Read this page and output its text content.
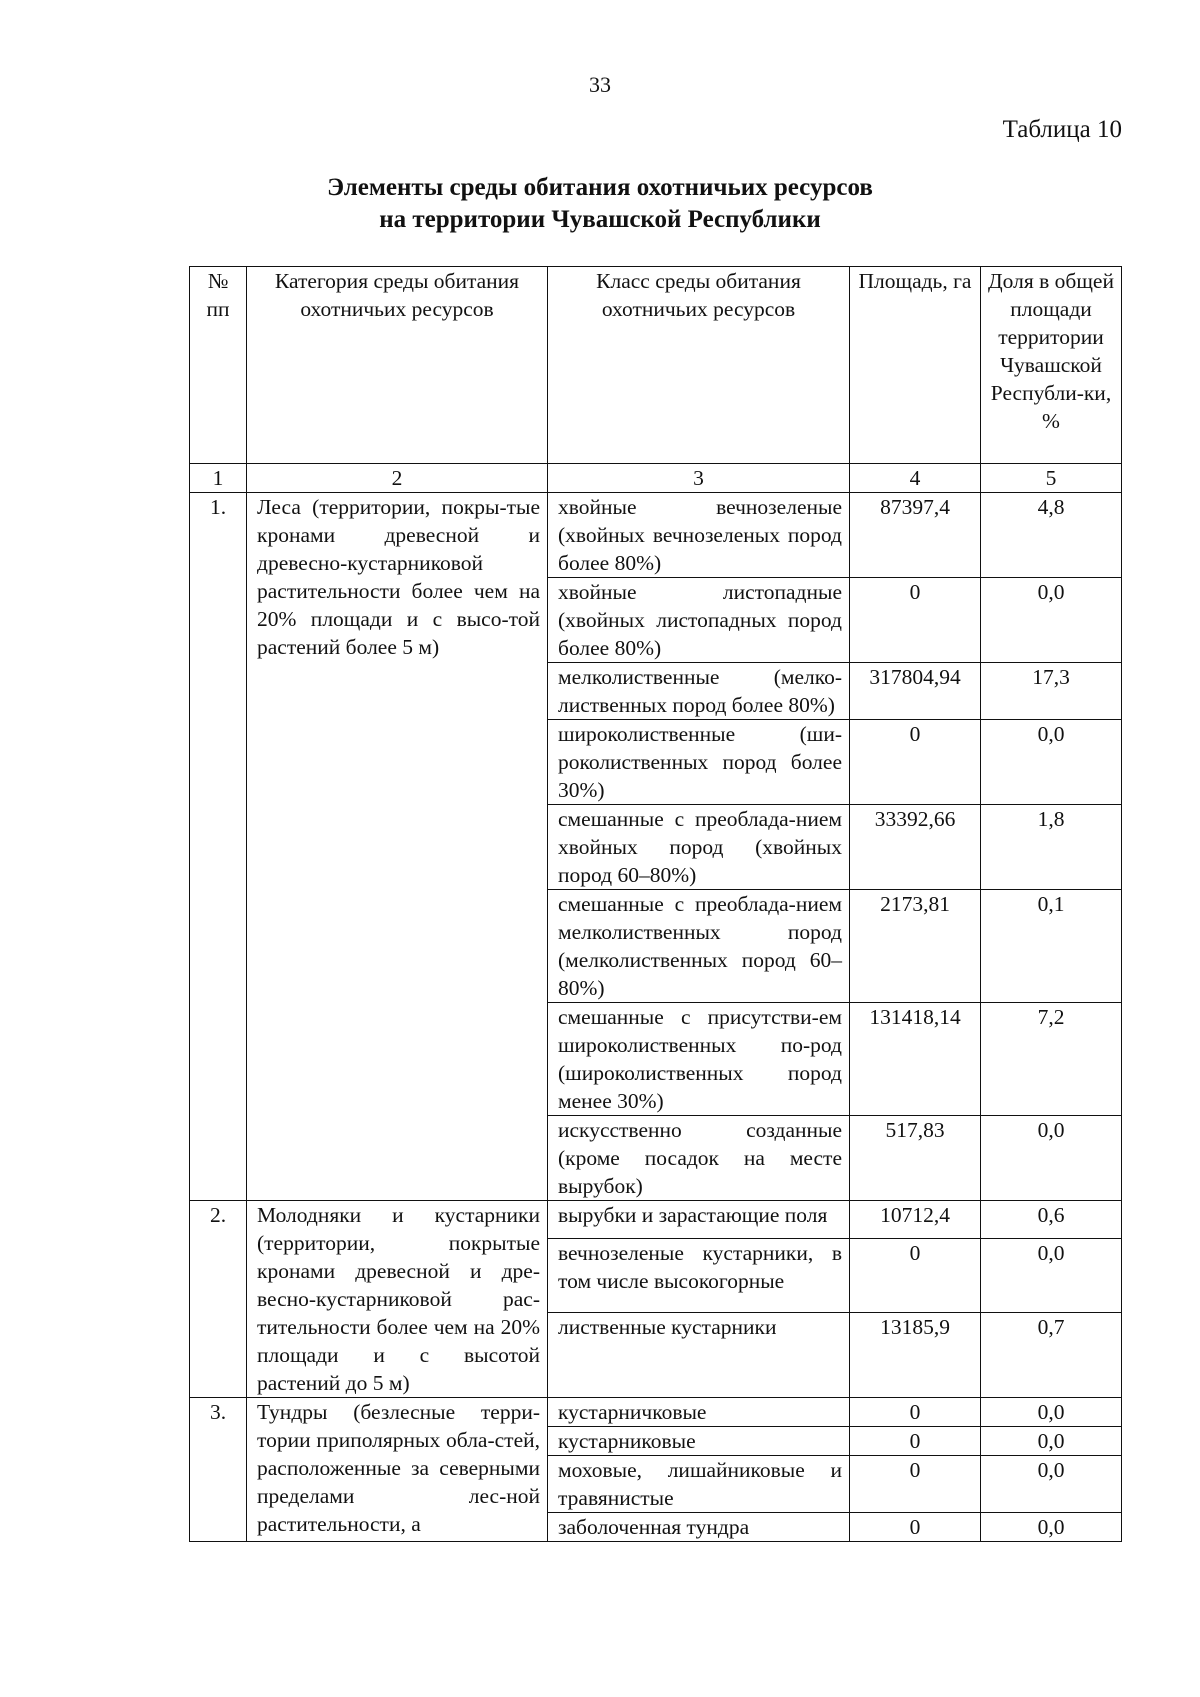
33
Таблица 10
Элементы среды обитания охотничьих ресурсов
на территории Чувашской Республики
№ пп	Категория среды обитания охотничьих ресурсов	Класс среды обитания охотничьих ресурсов	Площадь, га	Доля в общей площади территории Чувашской Республи-ки, %
1	2	3	4	5
1.	Леса (территории, покры-тые кронами древесной и древесно-кустарниковой растительности более чем на 20% площади и с высо-той растений более 5 м)	хвойные вечнозеленые (хвойных вечнозеленых пород более 80%)	87397,4	4,8
		хвойные листопадные (хвойных листопадных пород более 80%)	0	0,0
		мелколиственные (мелко-лиственных пород более 80%)	317804,94	17,3
		широколиственные (ши-роколиственных пород более 30%)	0	0,0
		смешанные с преоблада-нием хвойных пород (хвойных пород 60–80%)	33392,66	1,8
		смешанные с преоблада-нием мелколиственных пород (мелколиственных пород 60–80%)	2173,81	0,1
		смешанные с присутстви-ем широколиственных по-род (широколиственных пород менее 30%)	131418,14	7,2
		искусственно созданные (кроме посадок на месте вырубок)	517,83	0,0
2.	Молодняки и кустарники (территории, покрытые кронами древесной и дре-весно-кустарниковой рас-тительности более чем на 20% площади и с высотой растений до 5 м)	вырубки и зарастающие поля	10712,4	0,6
		вечнозеленые кустарники, в том числе высокогорные	0	0,0
		лиственные кустарники	13185,9	0,7
3.	Тундры (безлесные терри-тории приполярных обла-стей, расположенные за северными пределами лес-ной растительности, а	кустарничковые	0	0,0
		кустарниковые	0	0,0
		моховые, лишайниковые и травянистые	0	0,0
		заболоченная тундра	0	0,0
